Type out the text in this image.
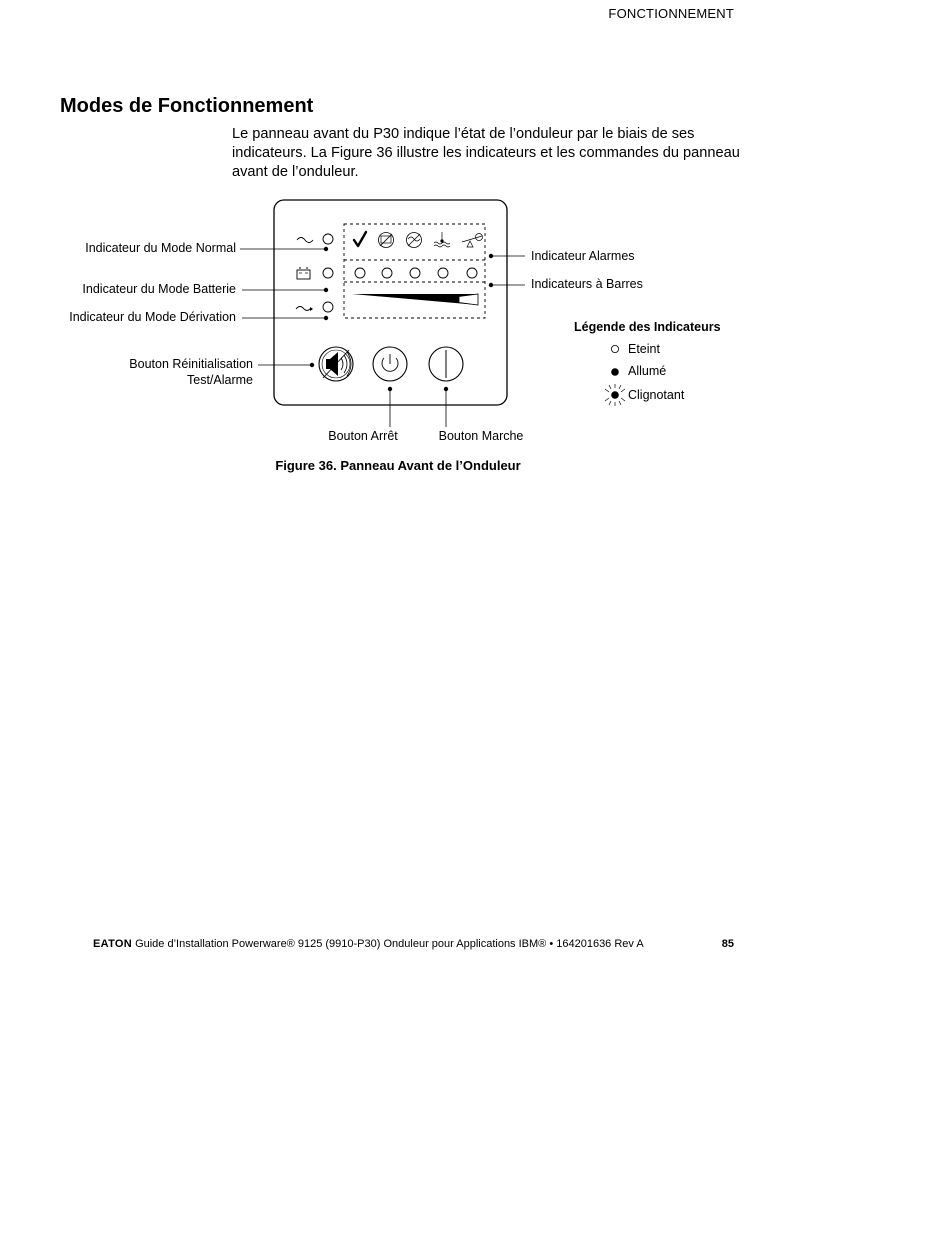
FONCTIONNEMENT
Modes de Fonctionnement

Le panneau avant du P30 indique l’état de l’onduleur par le biais de ses indicateurs. La Figure 36 illustre les indicateurs et les commandes du panneau avant de l’onduleur.

Indicateur du Mode Normal
Indicateur du Mode Batterie
Indicateur du Mode Dérivation
Bouton Réinitialisation
Test/Alarme
Indicateur Alarmes
Indicateurs à Barres
Bouton Arrêt	Bouton Marche
Légende des Indicateurs
Eteint
Allumé
Clignotant
Figure 36. Panneau Avant de l’Onduleur
EATON Guide d’Installation Powerware® 9125 (9910-P30) Onduleur pour Applications IBM® • 164201636 Rev A	85
